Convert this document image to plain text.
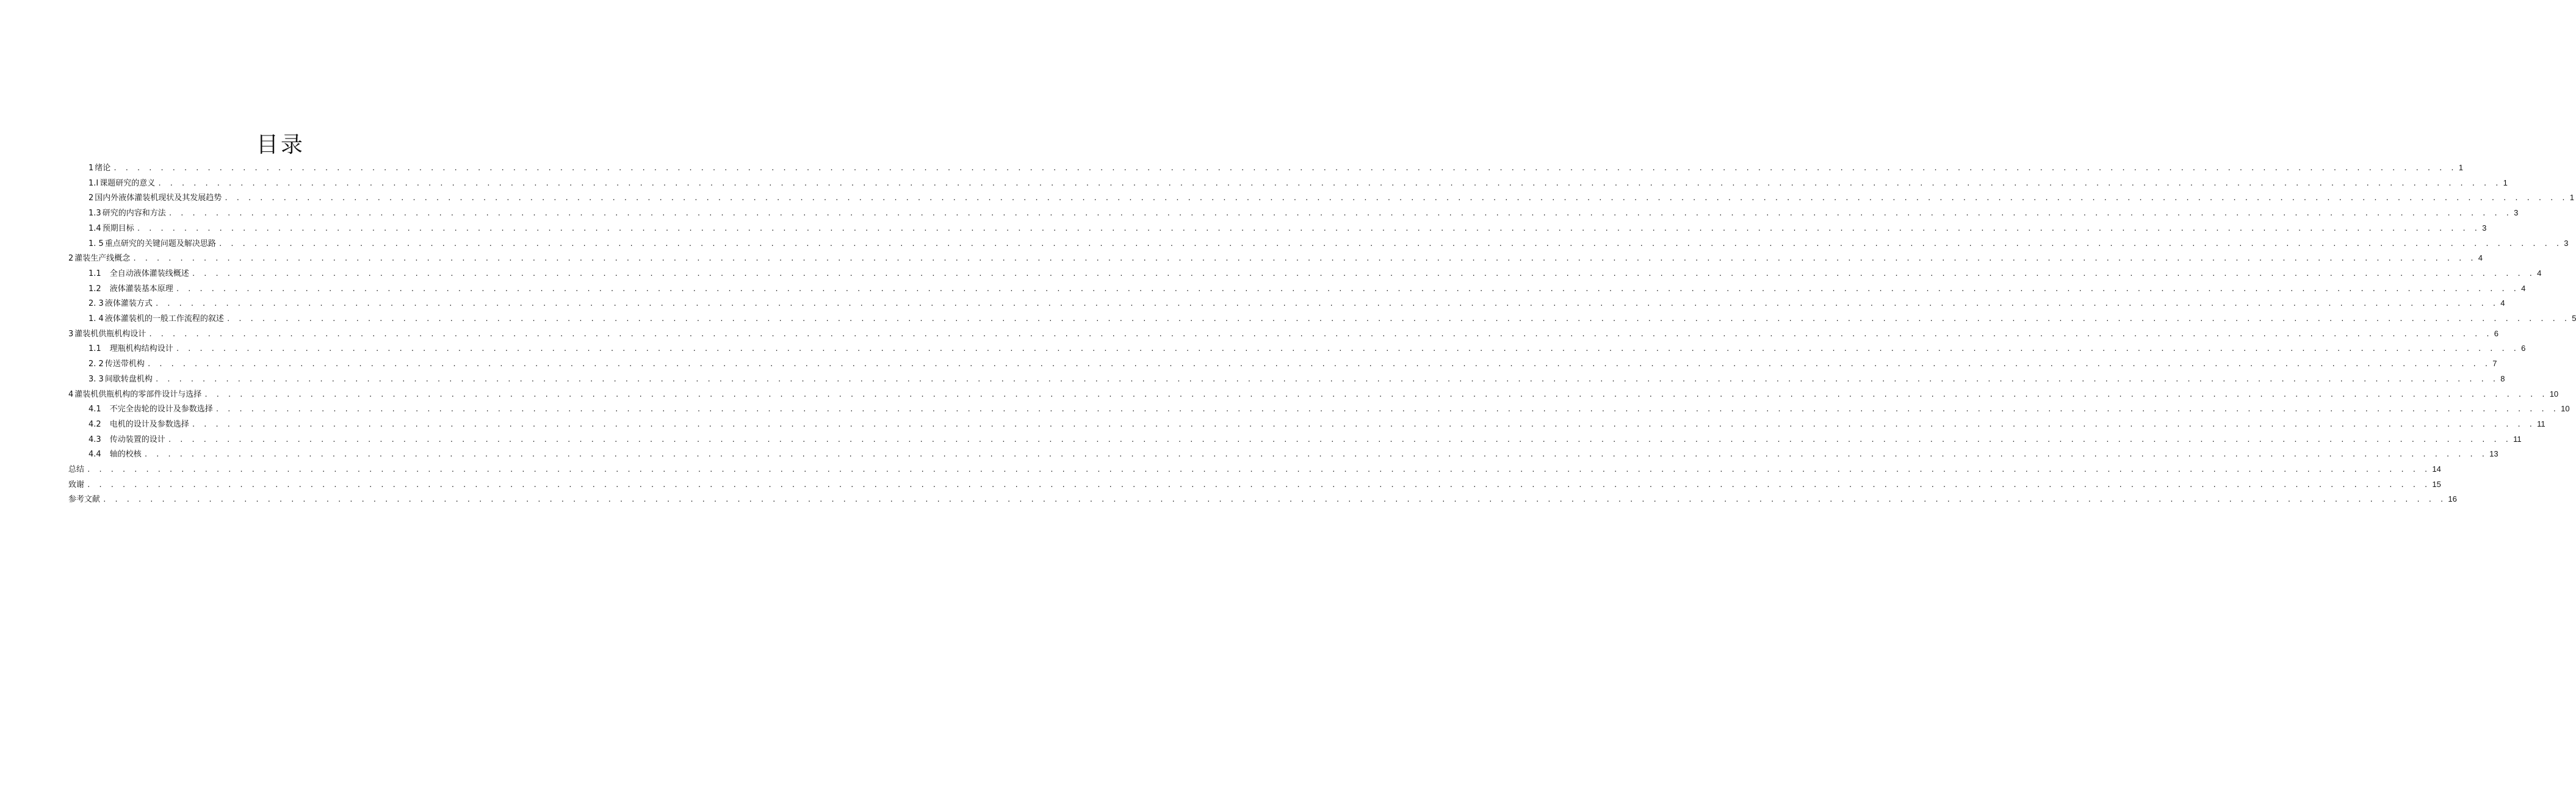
目录
1 绪论 . . . . . . . . . . . . . . . . . . . . . . . . . . . . . . . . . . . . . . . . . . . . . . . . . . . . . . . . . . . . . . . . . . . . . . . . . . . . . . . . . . . . . . . . . . . . . . . . . . . . . . . . . . . . . . . . . . . . . . . . . . . . . . . . . . . . . . . . . . . . . . . . . . . . . . . . . . . . . . . . . . . . . . . . . . . . . . . . . . . . . . . . . . . . . . . . . . . . . . . . 1
1.I 课题研究的意义 . . . . . . . . . . . . . . . . . . . . . . . . . . . . . . . . . . . . . . . . . . . . . . . . . . . . . . . . . . . . . . . . . . . . . . . . . . . . . . . . . . . . . . . . . . . . . . . . . . . . . . . . . . . . . . . . . . . . . . . . . . . . . . . . . . . . . . . . . . . . . . . . . . . . . . . . . . . . . . . . . . . . . . . . . . . . . . . . . . . . . . . . . . . . . . . . . . . . . . . . 1
2 国内外液体灌装机现状及其发展趋势 . . . . . . . . . . . . . . . . . . . . . . . . . . . . . . . . . . . . . . . . . . . . . . . . . . . . . . . . . . . . . . . . . . . . . . . . . . . . . . . . . . . . . . . . . . . . . . . . . . . . . . . . . . . . . . . . . . . . . . . . . . . . . . . . . . . . . . . . . . . . . . . . . . . . . . . . . . . . . . . . . . . . . . . . . . . . . . . . . . . . . . . . . . . . . . . . . . . . . . . . 1
1.3 研究的内容和方法 . . . . . . . . . . . . . . . . . . . . . . . . . . . . . . . . . . . . . . . . . . . . . . . . . . . . . . . . . . . . . . . . . . . . . . . . . . . . . . . . . . . . . . . . . . . . . . . . . . . . . . . . . . . . . . . . . . . . . . . . . . . . . . . . . . . . . . . . . . . . . . . . . . . . . . . . . . . . . . . . . . . . . . . . . . . . . . . . . . . . . . . . . . . . . . . . . . . . . . . . 3
1.4 预期目标 . . . . . . . . . . . . . . . . . . . . . . . . . . . . . . . . . . . . . . . . . . . . . . . . . . . . . . . . . . . . . . . . . . . . . . . . . . . . . . . . . . . . . . . . . . . . . . . . . . . . . . . . . . . . . . . . . . . . . . . . . . . . . . . . . . . . . . . . . . . . . . . . . . . . . . . . . . . . . . . . . . . . . . . . . . . . . . . . . . . . . . . . . . . . . . . . . . . . . . . . 3
1. 5 重点研究的关键问题及解决思路 . . . . . . . . . . . . . . . . . . . . . . . . . . . . . . . . . . . . . . . . . . . . . . . . . . . . . . . . . . . . . . . . . . . . . . . . . . . . . . . . . . . . . . . . . . . . . . . . . . . . . . . . . . . . . . . . . . . . . . . . . . . . . . . . . . . . . . . . . . . . . . . . . . . . . . . . . . . . . . . . . . . . . . . . . . . . . . . . . . . . . . . . . . . . . . . . . . . . . . . . 3
2 灌装生产线概念 . . . . . . . . . . . . . . . . . . . . . . . . . . . . . . . . . . . . . . . . . . . . . . . . . . . . . . . . . . . . . . . . . . . . . . . . . . . . . . . . . . . . . . . . . . . . . . . . . . . . . . . . . . . . . . . . . . . . . . . . . . . . . . . . . . . . . . . . . . . . . . . . . . . . . . . . . . . . . . . . . . . . . . . . . . . . . . . . . . . . . . . . . . . . . . . . . . . . . . . . 4
1.1 全自动液体灌装线概述 . . . . . . . . . . . . . . . . . . . . . . . . . . . . . . . . . . . . . . . . . . . . . . . . . . . . . . . . . . . . . . . . . . . . . . . . . . . . . . . . . . . . . . . . . . . . . . . . . . . . . . . . . . . . . . . . . . . . . . . . . . . . . . . . . . . . . . . . . . . . . . . . . . . . . . . . . . . . . . . . . . . . . . . . . . . . . . . . . . . . . . . . . . . . . . . . . . . . . . . . 4
1.2 液体灌装基本原理 . . . . . . . . . . . . . . . . . . . . . . . . . . . . . . . . . . . . . . . . . . . . . . . . . . . . . . . . . . . . . . . . . . . . . . . . . . . . . . . . . . . . . . . . . . . . . . . . . . . . . . . . . . . . . . . . . . . . . . . . . . . . . . . . . . . . . . . . . . . . . . . . . . . . . . . . . . . . . . . . . . . . . . . . . . . . . . . . . . . . . . . . . . . . . . . . . . . . . . . . 4
2. 3 液体灌装方式 . . . . . . . . . . . . . . . . . . . . . . . . . . . . . . . . . . . . . . . . . . . . . . . . . . . . . . . . . . . . . . . . . . . . . . . . . . . . . . . . . . . . . . . . . . . . . . . . . . . . . . . . . . . . . . . . . . . . . . . . . . . . . . . . . . . . . . . . . . . . . . . . . . . . . . . . . . . . . . . . . . . . . . . . . . . . . . . . . . . . . . . . . . . . . . . . . . . . . . . . 4
1. 4 液体灌装机的一般工作流程的叙述 . . . . . . . . . . . . . . . . . . . . . . . . . . . . . . . . . . . . . . . . . . . . . . . . . . . . . . . . . . . . . . . . . . . . . . . . . . . . . . . . . . . . . . . . . . . . . . . . . . . . . . . . . . . . . . . . . . . . . . . . . . . . . . . . . . . . . . . . . . . . . . . . . . . . . . . . . . . . . . . . . . . . . . . . . . . . . . . . . . . . . . . . . . . . . . . . . . . . . . . . 5
3 灌装机供瓶机构设计 . . . . . . . . . . . . . . . . . . . . . . . . . . . . . . . . . . . . . . . . . . . . . . . . . . . . . . . . . . . . . . . . . . . . . . . . . . . . . . . . . . . . . . . . . . . . . . . . . . . . . . . . . . . . . . . . . . . . . . . . . . . . . . . . . . . . . . . . . . . . . . . . . . . . . . . . . . . . . . . . . . . . . . . . . . . . . . . . . . . . . . . . . . . . . . . . . . . . . . . . 6
1.1 理瓶机构结构设计 . . . . . . . . . . . . . . . . . . . . . . . . . . . . . . . . . . . . . . . . . . . . . . . . . . . . . . . . . . . . . . . . . . . . . . . . . . . . . . . . . . . . . . . . . . . . . . . . . . . . . . . . . . . . . . . . . . . . . . . . . . . . . . . . . . . . . . . . . . . . . . . . . . . . . . . . . . . . . . . . . . . . . . . . . . . . . . . . . . . . . . . . . . . . . . . . . . . . . . . . 6
2. 2 传送带机构 . . . . . . . . . . . . . . . . . . . . . . . . . . . . . . . . . . . . . . . . . . . . . . . . . . . . . . . . . . . . . . . . . . . . . . . . . . . . . . . . . . . . . . . . . . . . . . . . . . . . . . . . . . . . . . . . . . . . . . . . . . . . . . . . . . . . . . . . . . . . . . . . . . . . . . . . . . . . . . . . . . . . . . . . . . . . . . . . . . . . . . . . . . . . . . . . . . . . . . . . 7
3. 3 间歇转盘机构 . . . . . . . . . . . . . . . . . . . . . . . . . . . . . . . . . . . . . . . . . . . . . . . . . . . . . . . . . . . . . . . . . . . . . . . . . . . . . . . . . . . . . . . . . . . . . . . . . . . . . . . . . . . . . . . . . . . . . . . . . . . . . . . . . . . . . . . . . . . . . . . . . . . . . . . . . . . . . . . . . . . . . . . . . . . . . . . . . . . . . . . . . . . . . . . . . . . . . . . . 8
4 灌装机供瓶机构的零部件设计与选择 . . . . . . . . . . . . . . . . . . . . . . . . . . . . . . . . . . . . . . . . . . . . . . . . . . . . . . . . . . . . . . . . . . . . . . . . . . . . . . . . . . . . . . . . . . . . . . . . . . . . . . . . . . . . . . . . . . . . . . . . . . . . . . . . . . . . . . . . . . . . . . . . . . . . . . . . . . . . . . . . . . . . . . . . . . . . . . . . . . . . . . . . . . . . . . . . . . . . . . . . 10
4.1 不完全齿轮的设计及参数选择 . . . . . . . . . . . . . . . . . . . . . . . . . . . . . . . . . . . . . . . . . . . . . . . . . . . . . . . . . . . . . . . . . . . . . . . . . . . . . . . . . . . . . . . . . . . . . . . . . . . . . . . . . . . . . . . . . . . . . . . . . . . . . . . . . . . . . . . . . . . . . . . . . . . . . . . . . . . . . . . . . . . . . . . . . . . . . . . . . . . . . . . . . . . . . . . . . . . . . . . . 10
4.2 电机的设计及参数选择 . . . . . . . . . . . . . . . . . . . . . . . . . . . . . . . . . . . . . . . . . . . . . . . . . . . . . . . . . . . . . . . . . . . . . . . . . . . . . . . . . . . . . . . . . . . . . . . . . . . . . . . . . . . . . . . . . . . . . . . . . . . . . . . . . . . . . . . . . . . . . . . . . . . . . . . . . . . . . . . . . . . . . . . . . . . . . . . . . . . . . . . . . . . . . . . . . . . . . . . . 11
4.3 传动装置的设计 . . . . . . . . . . . . . . . . . . . . . . . . . . . . . . . . . . . . . . . . . . . . . . . . . . . . . . . . . . . . . . . . . . . . . . . . . . . . . . . . . . . . . . . . . . . . . . . . . . . . . . . . . . . . . . . . . . . . . . . . . . . . . . . . . . . . . . . . . . . . . . . . . . . . . . . . . . . . . . . . . . . . . . . . . . . . . . . . . . . . . . . . . . . . . . . . . . . . . . . . 11
4.4 轴的校核 . . . . . . . . . . . . . . . . . . . . . . . . . . . . . . . . . . . . . . . . . . . . . . . . . . . . . . . . . . . . . . . . . . . . . . . . . . . . . . . . . . . . . . . . . . . . . . . . . . . . . . . . . . . . . . . . . . . . . . . . . . . . . . . . . . . . . . . . . . . . . . . . . . . . . . . . . . . . . . . . . . . . . . . . . . . . . . . . . . . . . . . . . . . . . . . . . . . . . . . . 13
总结 . . . . . . . . . . . . . . . . . . . . . . . . . . . . . . . . . . . . . . . . . . . . . . . . . . . . . . . . . . . . . . . . . . . . . . . . . . . . . . . . . . . . . . . . . . . . . . . . . . . . . . . . . . . . . . . . . . . . . . . . . . . . . . . . . . . . . . . . . . . . . . . . . . . . . . . . . . . . . . . . . . . . . . . . . . . . . . . . . . . . . . . . . . . . . . . . . . . . . . . . 14
致谢 . . . . . . . . . . . . . . . . . . . . . . . . . . . . . . . . . . . . . . . . . . . . . . . . . . . . . . . . . . . . . . . . . . . . . . . . . . . . . . . . . . . . . . . . . . . . . . . . . . . . . . . . . . . . . . . . . . . . . . . . . . . . . . . . . . . . . . . . . . . . . . . . . . . . . . . . . . . . . . . . . . . . . . . . . . . . . . . . . . . . . . . . . . . . . . . . . . . . . . . . 15
参考文献 . . . . . . . . . . . . . . . . . . . . . . . . . . . . . . . . . . . . . . . . . . . . . . . . . . . . . . . . . . . . . . . . . . . . . . . . . . . . . . . . . . . . . . . . . . . . . . . . . . . . . . . . . . . . . . . . . . . . . . . . . . . . . . . . . . . . . . . . . . . . . . . . . . . . . . . . . . . . . . . . . . . . . . . . . . . . . . . . . . . . . . . . . . . . . . . . . . . . . . . . 16
